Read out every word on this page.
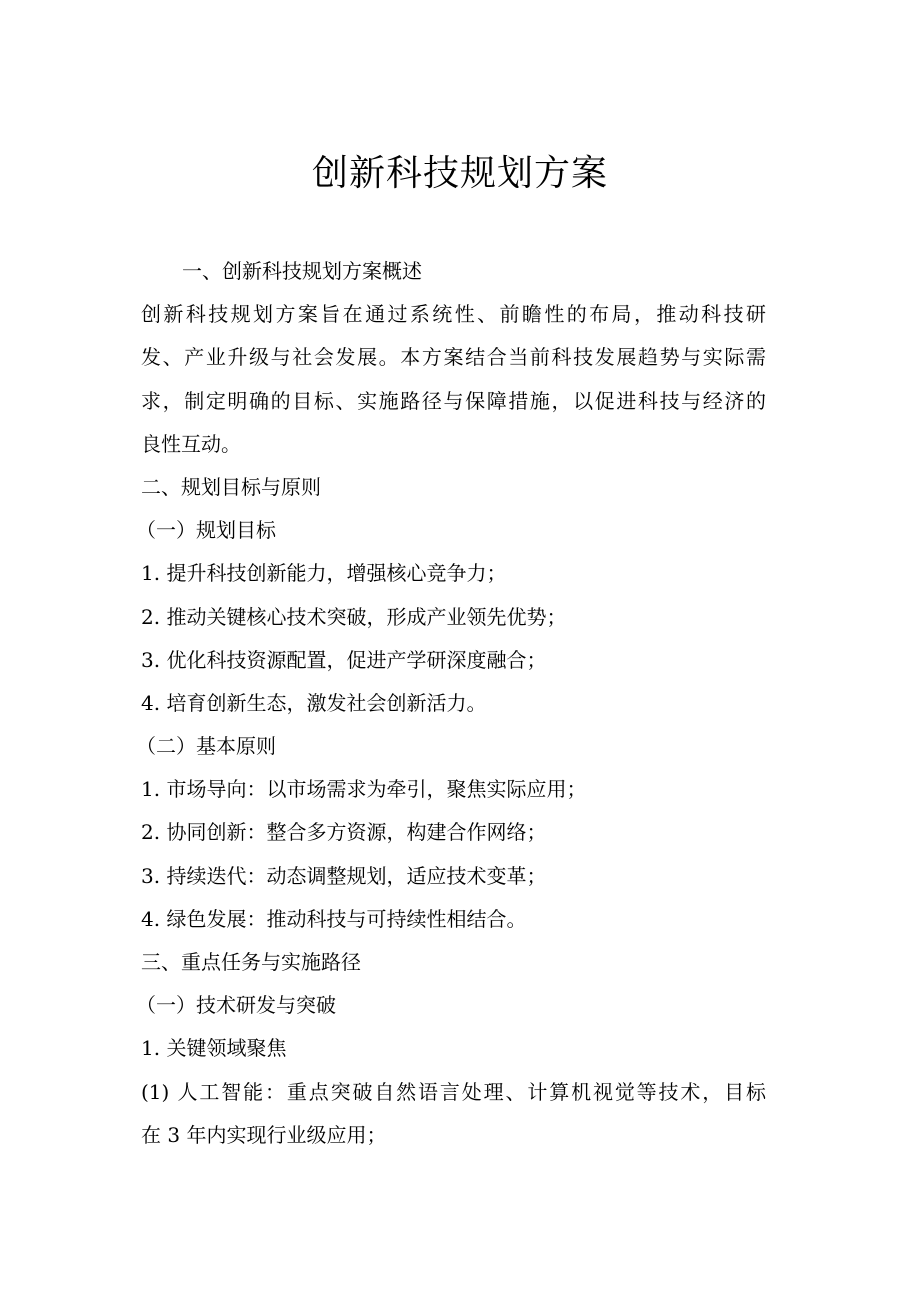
创新科技规划方案
一、创新科技规划方案概述
创新科技规划方案旨在通过系统性、前瞻性的布局，推动科技研
发、产业升级与社会发展。本方案结合当前科技发展趋势与实际需
求，制定明确的目标、实施路径与保障措施，以促进科技与经济的
良性互动。
二、规划目标与原则
（一）规划目标
1. 提升科技创新能力，增强核心竞争力；
2. 推动关键核心技术突破，形成产业领先优势；
3. 优化科技资源配置，促进产学研深度融合；
4. 培育创新生态，激发社会创新活力。
（二）基本原则
1. 市场导向：以市场需求为牵引，聚焦实际应用；
2. 协同创新：整合多方资源，构建合作网络；
3. 持续迭代：动态调整规划，适应技术变革；
4. 绿色发展：推动科技与可持续性相结合。
三、重点任务与实施路径
（一）技术研发与突破
1. 关键领域聚焦
(1) 人工智能：重点突破自然语言处理、计算机视觉等技术，目标
在 3 年内实现行业级应用；
